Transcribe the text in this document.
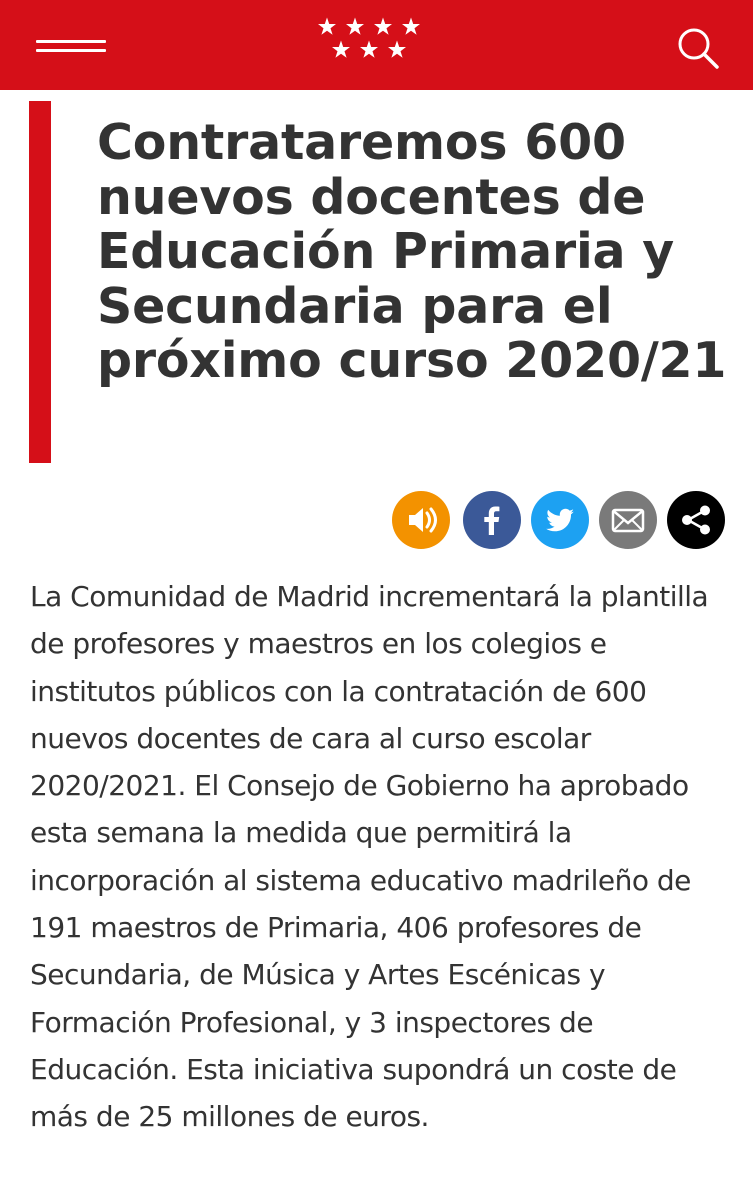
Contrataremos 600 nuevos docentes de Educación Primaria y Secundaria para el próximo curso 2020/21

La Comunidad de Madrid incrementará la plantilla de profesores y maestros en los colegios e institutos públicos con la contratación de 600 nuevos docentes de cara al curso escolar 2020/2021. El Consejo de Gobierno ha aprobado esta semana la medida que permitirá la incorporación al sistema educativo madrileño de 191 maestros de Primaria, 406 profesores de Secundaria, de Música y Artes Escénicas y Formación Profesional, y 3 inspectores de Educación. Esta iniciativa supondrá un coste de más de 25 millones de euros.
